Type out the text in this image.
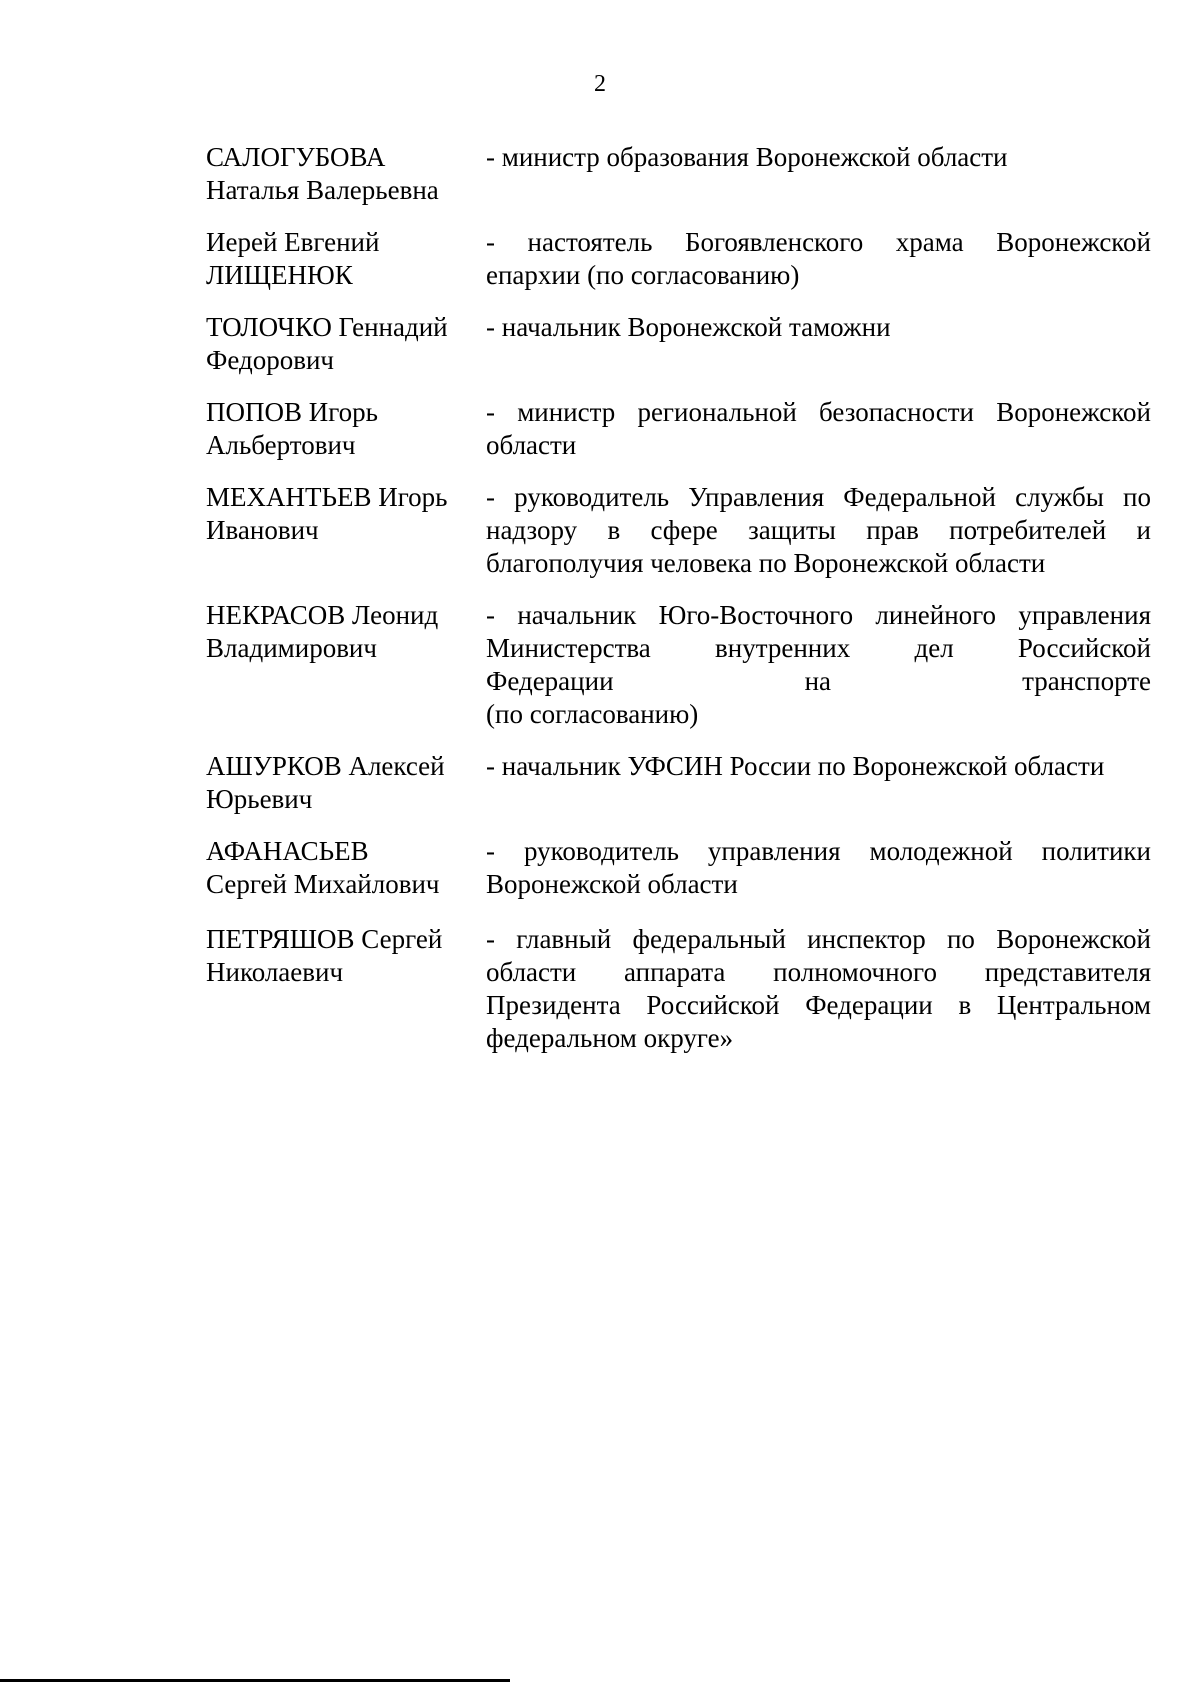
2
САЛОГУБОВА
Наталья Валерьевна
- министр образования Воронежской области
Иерей Евгений
ЛИЩЕНЮК
- настоятель Богоявленского храма Воронежской
епархии (по согласованию)
ТОЛОЧКО Геннадий
Федорович
- начальник Воронежской таможни
ПОПОВ Игорь
Альбертович
- министр региональной безопасности Воронежской
области
МЕХАНТЬЕВ Игорь
Иванович
- руководитель Управления Федеральной службы по
надзору в сфере защиты прав потребителей и
благополучия человека по Воронежской области
НЕКРАСОВ Леонид
Владимирович
- начальник Юго-Восточного линейного управления
Министерства внутренних дел Российской
Федерации на транспорте
(по согласованию)
АШУРКОВ Алексей
Юрьевич
- начальник УФСИН России по Воронежской области
АФАНАСЬЕВ
Сергей Михайлович
- руководитель управления молодежной политики
Воронежской области
ПЕТРЯШОВ Сергей
Николаевич
- главный федеральный инспектор по Воронежской
области аппарата полномочного представителя
Президента Российской Федерации в Центральном
федеральном округе»
